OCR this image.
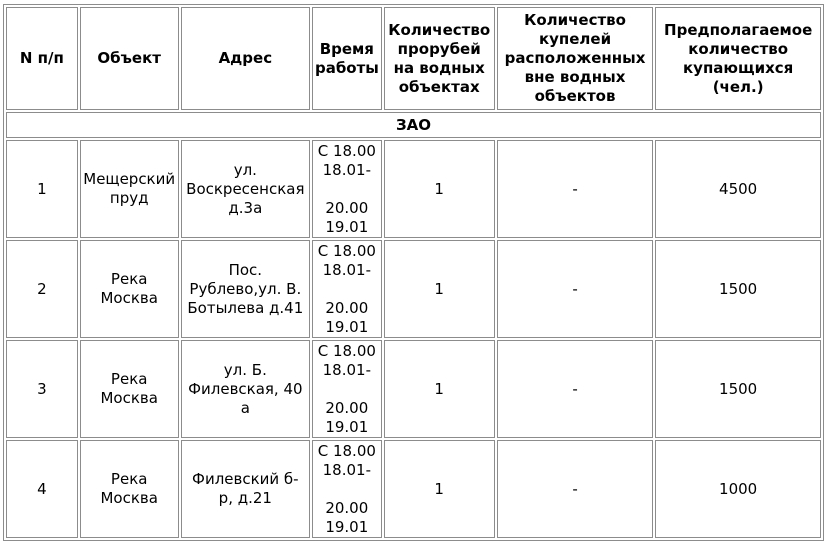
N п/п	Объект	Адрес	Время
работы	Количество
прорубей
на водных
объектах	Количество
купелей
расположенных
вне водных
объектов	Предполагаемое
количество
купающихся
(чел.)

ЗАО						
1	Мещерский
пруд	ул.
Воскресенская
д.3а	С 18.00
18.01-
20.00
19.01	1	-	4500
2	Река
Москва	Пос.
Рублево,ул. В.
Ботылева д.41	С 18.00
18.01-
20.00
19.01	1	-	1500
3	Река
Москва	ул. Б.
Филевская, 40
а	С 18.00
18.01-
20.00
19.01	1	-	1500
4	Река
Москва	Филевский б-
р, д.21	С 18.00
18.01-
20.00
19.01	1	-	1000
